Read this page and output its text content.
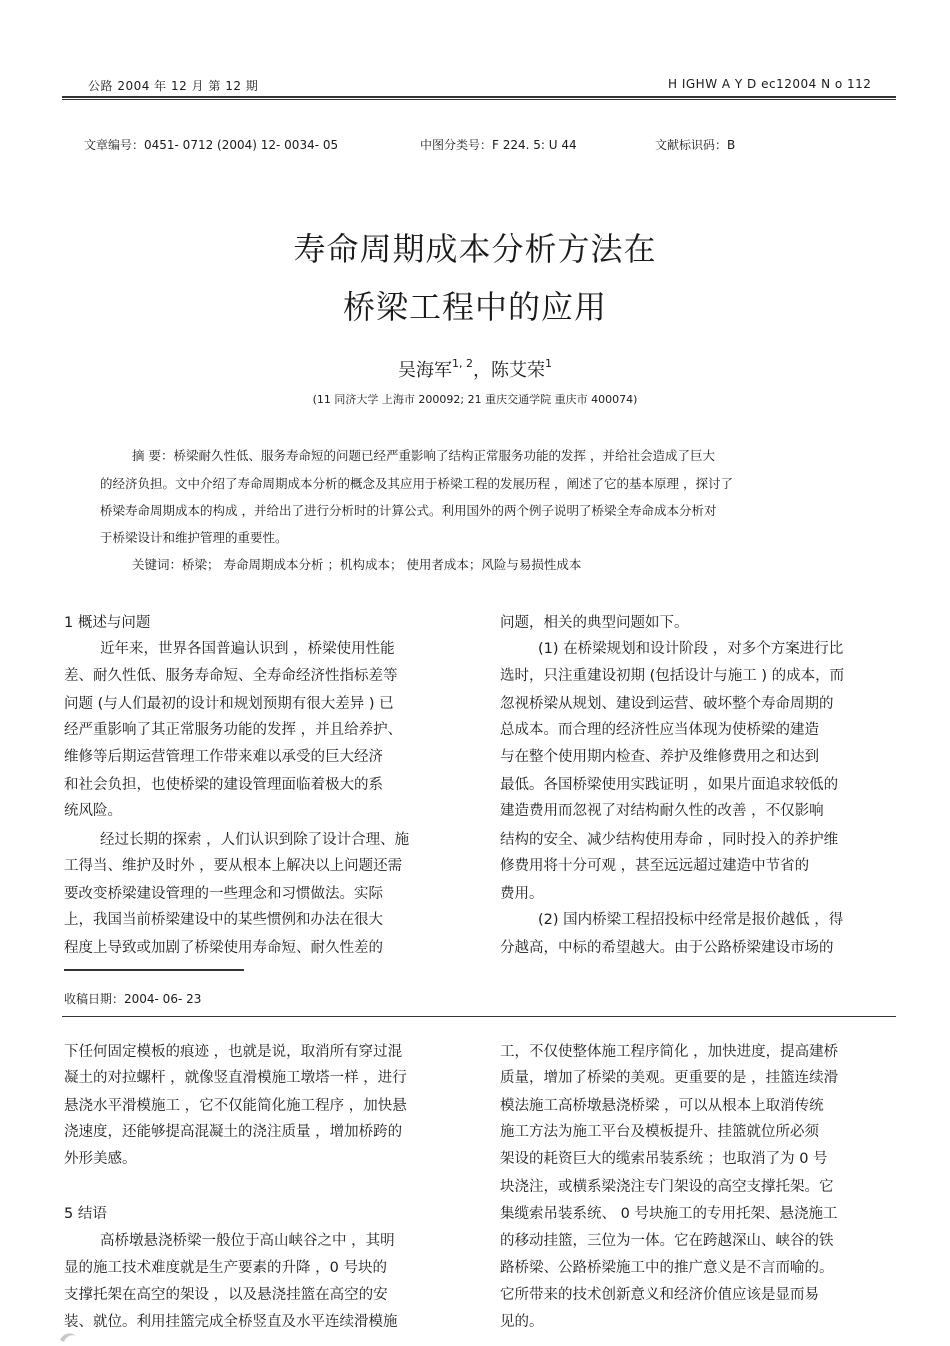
公路 2004 年 12 月 第 12 期	H IGHW A Y D ec12004 N o 112
文章编号：0451- 0712 (2004) 12- 0034- 05	中图分类号：F 224. 5: U 44	文献标识码：B
寿命周期成本分析方法在
桥梁工程中的应用
吴海军$^{1, 2}$，陈艾荣$^1$
(11 同济大学 上海市 200092; 21 重庆交通学院 重庆市 400074)
摘 要：桥梁耐久性低、服务寿命短的问题已经严重影响了结构正常服务功能的发挥 ，并给社会造成了巨大
的经济负担。文中介绍了寿命周期成本分析的概念及其应用于桥梁工程的发展历程 ，阐述了它的基本原理 ，探讨了
桥梁寿命周期成本的构成 ，并给出了进行分析时的计算公式。利用国外的两个例子说明了桥梁全寿命成本分析对
于桥梁设计和维护管理的重要性。
关键词：桥梁； 寿命周期成本分析 ；机构成本； 使用者成本；风险与易损性成本
1 概述与问题
近年来，世界各国普遍认识到 ，桥梁使用性能
差、耐久性低、服务寿命短、全寿命经济性指标差等
问题 (与人们最初的设计和规划预期有很大差异 ) 已
经严重影响了其正常服务功能的发挥 ，并且给养护、
维修等后期运营管理工作带来难以承受的巨大经济
和社会负担，也使桥梁的建设管理面临着极大的系
统风险。
经过长期的探索 ，人们认识到除了设计合理、施
工得当、维护及时外 ，要从根本上解决以上问题还需
要改变桥梁建设管理的一些理念和习惯做法。实际
上，我国当前桥梁建设中的某些惯例和办法在很大
程度上导致或加剧了桥梁使用寿命短、耐久性差的
问题，相关的典型问题如下。
(1) 在桥梁规划和设计阶段 ，对多个方案进行比
选时，只注重建设初期 (包括设计与施工 ) 的成本，而
忽视桥梁从规划、建设到运营、破坏整个寿命周期的
总成本。而合理的经济性应当体现为使桥梁的建造
与在整个使用期内检查、养护及维修费用之和达到
最低。各国桥梁使用实践证明 ，如果片面追求较低的
建造费用而忽视了对结构耐久性的改善 ，不仅影响
结构的安全、减少结构使用寿命 ，同时投入的养护维
修费用将十分可观 ，甚至远远超过建造中节省的
费用。
(2) 国内桥梁工程招投标中经常是报价越低 ，得
分越高，中标的希望越大。由于公路桥梁建设市场的
收稿日期：2004- 06- 23
下任何固定模板的痕迹 ，也就是说，取消所有穿过混
凝土的对拉螺杆 ，就像竖直滑模施工墩塔一样 ，进行
悬浇水平滑模施工 ，它不仅能简化施工程序 ，加快悬
浇速度，还能够提高混凝土的浇注质量 ，增加桥跨的
外形美感。
5 结语
高桥墩悬浇桥梁一般位于高山峡谷之中 ，其明
显的施工技术难度就是生产要素的升降 ，0 号块的
支撑托架在高空的架设 ，以及悬浇挂篮在高空的安
装、就位。利用挂篮完成全桥竖直及水平连续滑模施
工，不仅使整体施工程序简化 ，加快进度，提高建桥
质量，增加了桥梁的美观。更重要的是 ，挂篮连续滑
模法施工高桥墩悬浇桥梁 ，可以从根本上取消传统
施工方法为施工平台及模板提升、挂篮就位所必须
架设的耗资巨大的缆索吊装系统 ；也取消了为 0 号
块浇注，或横系梁浇注专门架设的高空支撑托架。它
集缆索吊装系统、 0 号块施工的专用托架、悬浇施工
的移动挂篮，三位为一体。它在跨越深山、峡谷的铁
路桥梁、公路桥梁施工中的推广意义是不言而喻的。
它所带来的技术创新意义和经济价值应该是显而易
见的。
